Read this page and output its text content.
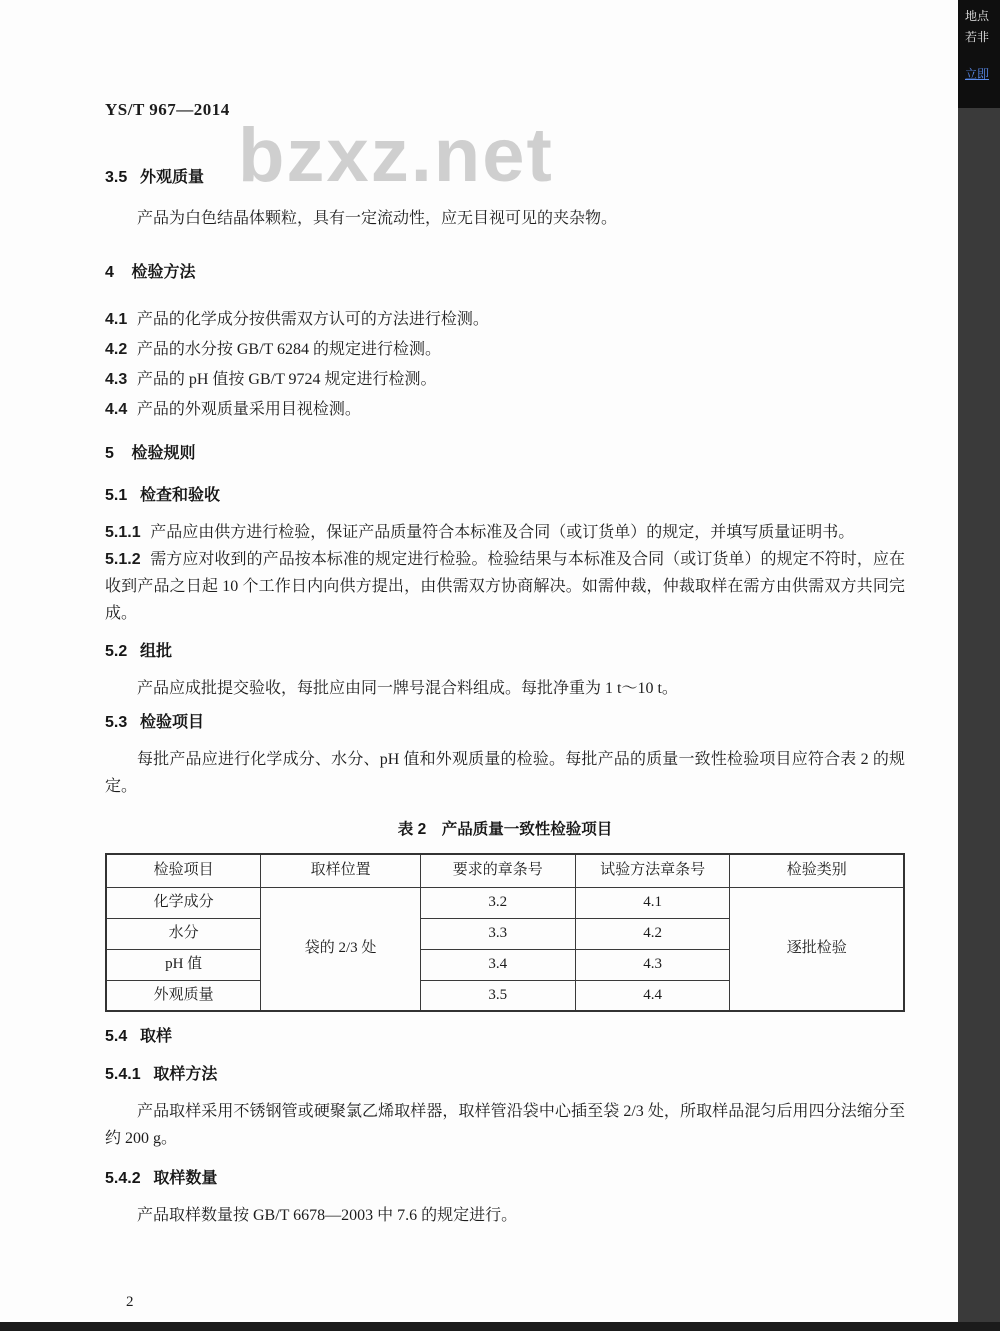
bzxz.net
YS/T 967—2014
3.5 外观质量
产品为白色结晶体颗粒，具有一定流动性，应无目视可见的夹杂物。
4 检验方法
4.1 产品的化学成分按供需双方认可的方法进行检测。
4.2 产品的水分按 GB/T 6284 的规定进行检测。
4.3 产品的 pH 值按 GB/T 9724 规定进行检测。
4.4 产品的外观质量采用目视检测。
5 检验规则
5.1 检查和验收
5.1.1 产品应由供方进行检验，保证产品质量符合本标准及合同（或订货单）的规定，并填写质量证明书。
5.1.2 需方应对收到的产品按本标准的规定进行检验。检验结果与本标准及合同（或订货单）的规定不符时，应在收到产品之日起 10 个工作日内向供方提出，由供需双方协商解决。如需仲裁，仲裁取样在需方由供需双方共同完成。
5.2 组批
产品应成批提交验收，每批应由同一牌号混合料组成。每批净重为 1 t～10 t。
5.3 检验项目
每批产品应进行化学成分、水分、pH 值和外观质量的检验。每批产品的质量一致性检验项目应符合表 2 的规定。
表 2 产品质量一致性检验项目
检验项目	取样位置	要求的章条号	试验方法章条号	检验类别
化学成分	袋的 2/3 处	3.2	4.1	逐批检验
水分		3.3	4.2	
pH 值		3.4	4.3	
外观质量		3.5	4.4	
5.4 取样
5.4.1 取样方法
产品取样采用不锈钢管或硬聚氯乙烯取样器，取样管沿袋中心插至袋 2/3 处，所取样品混匀后用四分法缩分至约 200 g。
5.4.2 取样数量
产品取样数量按 GB/T 6678—2003 中 7.6 的规定进行。
2
地点
若非
立即
